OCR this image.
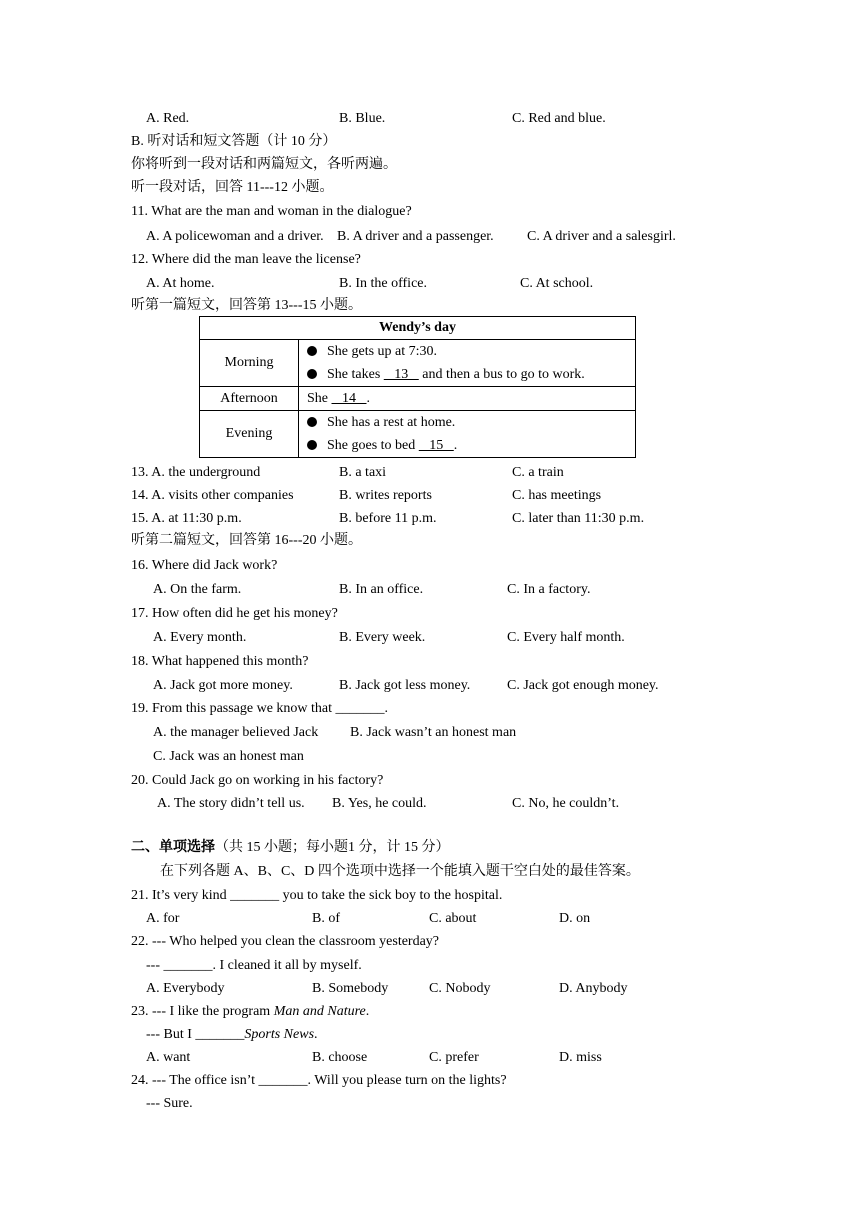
A. Red.	B. Blue.	C. Red and blue.
B. 听对话和短文答题（计 10 分）
你将听到一段对话和两篇短文，各听两遍。
听一段对话，回答 11---12 小题。
11. What are the man and woman in the dialogue?
A. A policewoman and a driver. B. A driver and a passenger. C. A driver and a salesgirl.
12. Where did the man leave the license?
A. At home.	B. In the office.	C. At school.
听第一篇短文，回答第 13---15 小题。
Wendy’s day	
Morning	She gets up at 7:30.
She takes    13    and then a bus to go to work.

Afternoon	She    14   .
Evening	She has a rest at home.
She goes to bed    15   .
13. A. the underground	B. a taxi	C. a train
14. A. visits other companies	B. writes reports	C. has meetings
15. A. at 11:30 p.m.	B. before 11 p.m.	C. later than 11:30 p.m.
听第二篇短文，回答第 16---20 小题。
16. Where did Jack work?
A. On the farm.	B. In an office.	C. In a factory.
17. How often did he get his money?
A. Every month.	B. Every week.	C. Every half month.
18. What happened this month?
A. Jack got more money.	B. Jack got less money.	C. Jack got enough money.
19. From this passage we know that _______.
A. the manager believed Jack B. Jack wasn’t an honest man
C. Jack was an honest man
20. Could Jack go on working in his factory?
A. The story didn’t tell us. B. Yes, he could.	C. No, he couldn’t.
二、单项选择（共 15 小题；每小题1 分，计 15 分）
在下列各题 A、B、C、D 四个选项中选择一个能填入题干空白处的最佳答案。
21. It’s very kind _______ you to take the sick boy to the hospital.
A. for	B. of	C. about	D. on
22. --- Who helped you clean the classroom yesterday?
--- _______. I cleaned it all by myself.
A. Everybody	B. Somebody	C. Nobody	D. Anybody
23. --- I like the program Man and Nature.
--- But I _______Sports News.
A. want	B. choose	C. prefer	D. miss
24. --- The office isn’t _______. Will you please turn on the lights?
--- Sure.
